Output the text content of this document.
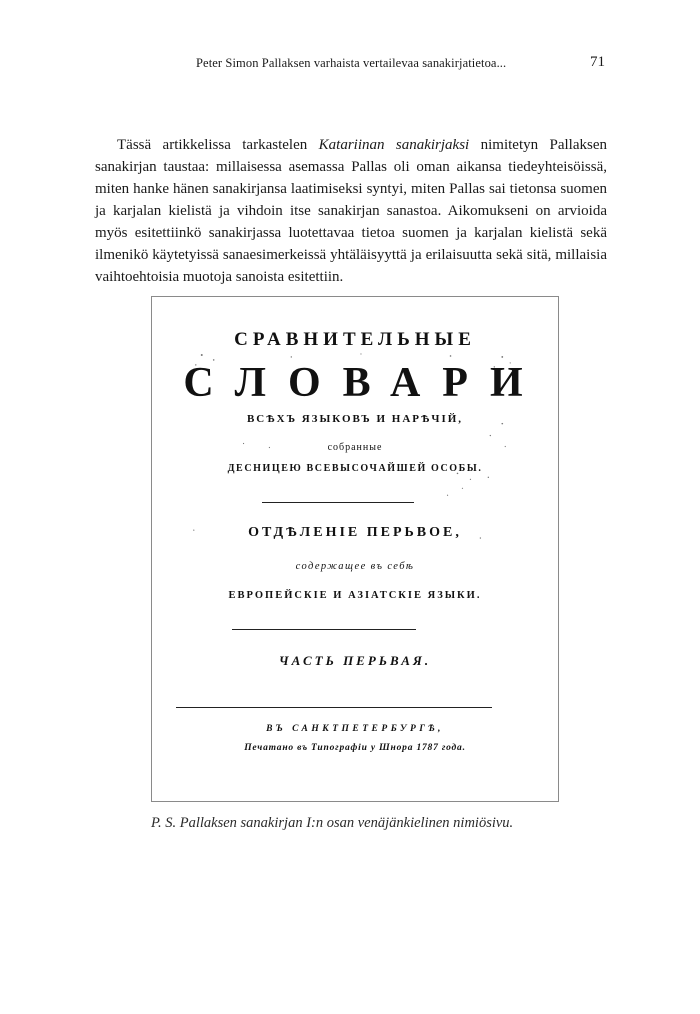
Peter Simon Pallaksen varhaista vertailevaa sanakirjatietoa...	71

Tässä artikkelissa tarkastelen Katariinan sanakirjaksi nimitetyn Pallaksen sanakirjan taustaa: millaisessa asemassa Pallas oli oman aikansa tiedeyhteisöissä, miten hanke hänen sanakirjansa laatimiseksi syntyi, miten Pallas sai tietonsa suomen ja karjalan kielistä ja vihdoin itse sanakirjan sanastoa. Aikomukseni on arvioida myös esitettiinkö sanakirjassa luotettavaa tietoa suomen ja karjalan kielistä sekä ilmenikö käytetyissä sanaesimerkeissä yhtäläisyyttä ja erilaisuutta sekä sitä, millaisia vaihtoehtoisia muotoja sanoista esitettiin.

СРАВНИТЕЛЬНЫЕ
СЛОВАРИ
ВСѢХЪ ЯЗЫКОВЪ И НАРѢЧІЙ,
собранные
ДЕСНИЦЕЮ ВСЕВЫСОЧАЙШЕЙ ОСОБЫ.
ОТДѢЛЕНІЕ ПЕРЬВОЕ,
содержащее въ себѣ
ЕВРОПЕЙСКІЕ И АЗІАТСКІЕ ЯЗЫКИ.
ЧАСТЬ ПЕРЬВАЯ.
ВЪ САНКТПЕТЕРБУРГѢ,
Печатано въ Типографіи у Шнора 1787 года.
P. S. Pallaksen sanakirjan I:n osan venäjänkielinen nimiösivu.
